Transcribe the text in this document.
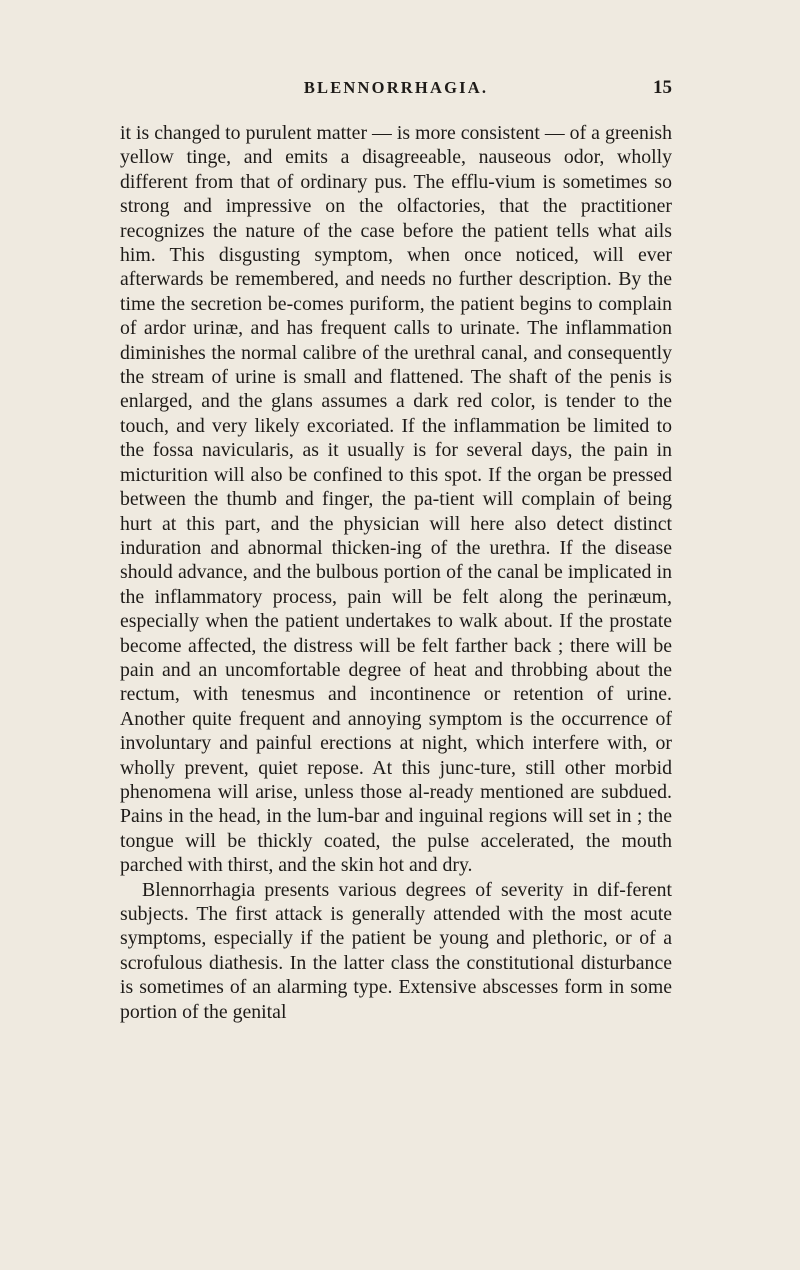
BLENNORRHAGIA.	15

it is changed to purulent matter — is more consistent — of a greenish yellow tinge, and emits a disagreeable, nauseous odor, wholly different from that of ordinary pus. The efflu-vium is sometimes so strong and impressive on the olfactories, that the practitioner recognizes the nature of the case before the patient tells what ails him. This disgusting symptom, when once noticed, will ever afterwards be remembered, and needs no further description. By the time the secretion be-comes puriform, the patient begins to complain of ardor urinæ, and has frequent calls to urinate. The inflammation diminishes the normal calibre of the urethral canal, and consequently the stream of urine is small and flattened. The shaft of the penis is enlarged, and the glans assumes a dark red color, is tender to the touch, and very likely excoriated. If the inflammation be limited to the fossa navicularis, as it usually is for several days, the pain in micturition will also be confined to this spot. If the organ be pressed between the thumb and finger, the pa-tient will complain of being hurt at this part, and the physician will here also detect distinct induration and abnormal thicken-ing of the urethra. If the disease should advance, and the bulbous portion of the canal be implicated in the inflammatory process, pain will be felt along the perinæum, especially when the patient undertakes to walk about. If the prostate become affected, the distress will be felt farther back ; there will be pain and an uncomfortable degree of heat and throbbing about the rectum, with tenesmus and incontinence or retention of urine. Another quite frequent and annoying symptom is the occurrence of involuntary and painful erections at night, which interfere with, or wholly prevent, quiet repose. At this junc-ture, still other morbid phenomena will arise, unless those al-ready mentioned are subdued. Pains in the head, in the lum-bar and inguinal regions will set in ; the tongue will be thickly coated, the pulse accelerated, the mouth parched with thirst, and the skin hot and dry.

Blennorrhagia presents various degrees of severity in dif-ferent subjects. The first attack is generally attended with the most acute symptoms, especially if the patient be young and plethoric, or of a scrofulous diathesis. In the latter class the constitutional disturbance is sometimes of an alarming type. Extensive abscesses form in some portion of the genital
